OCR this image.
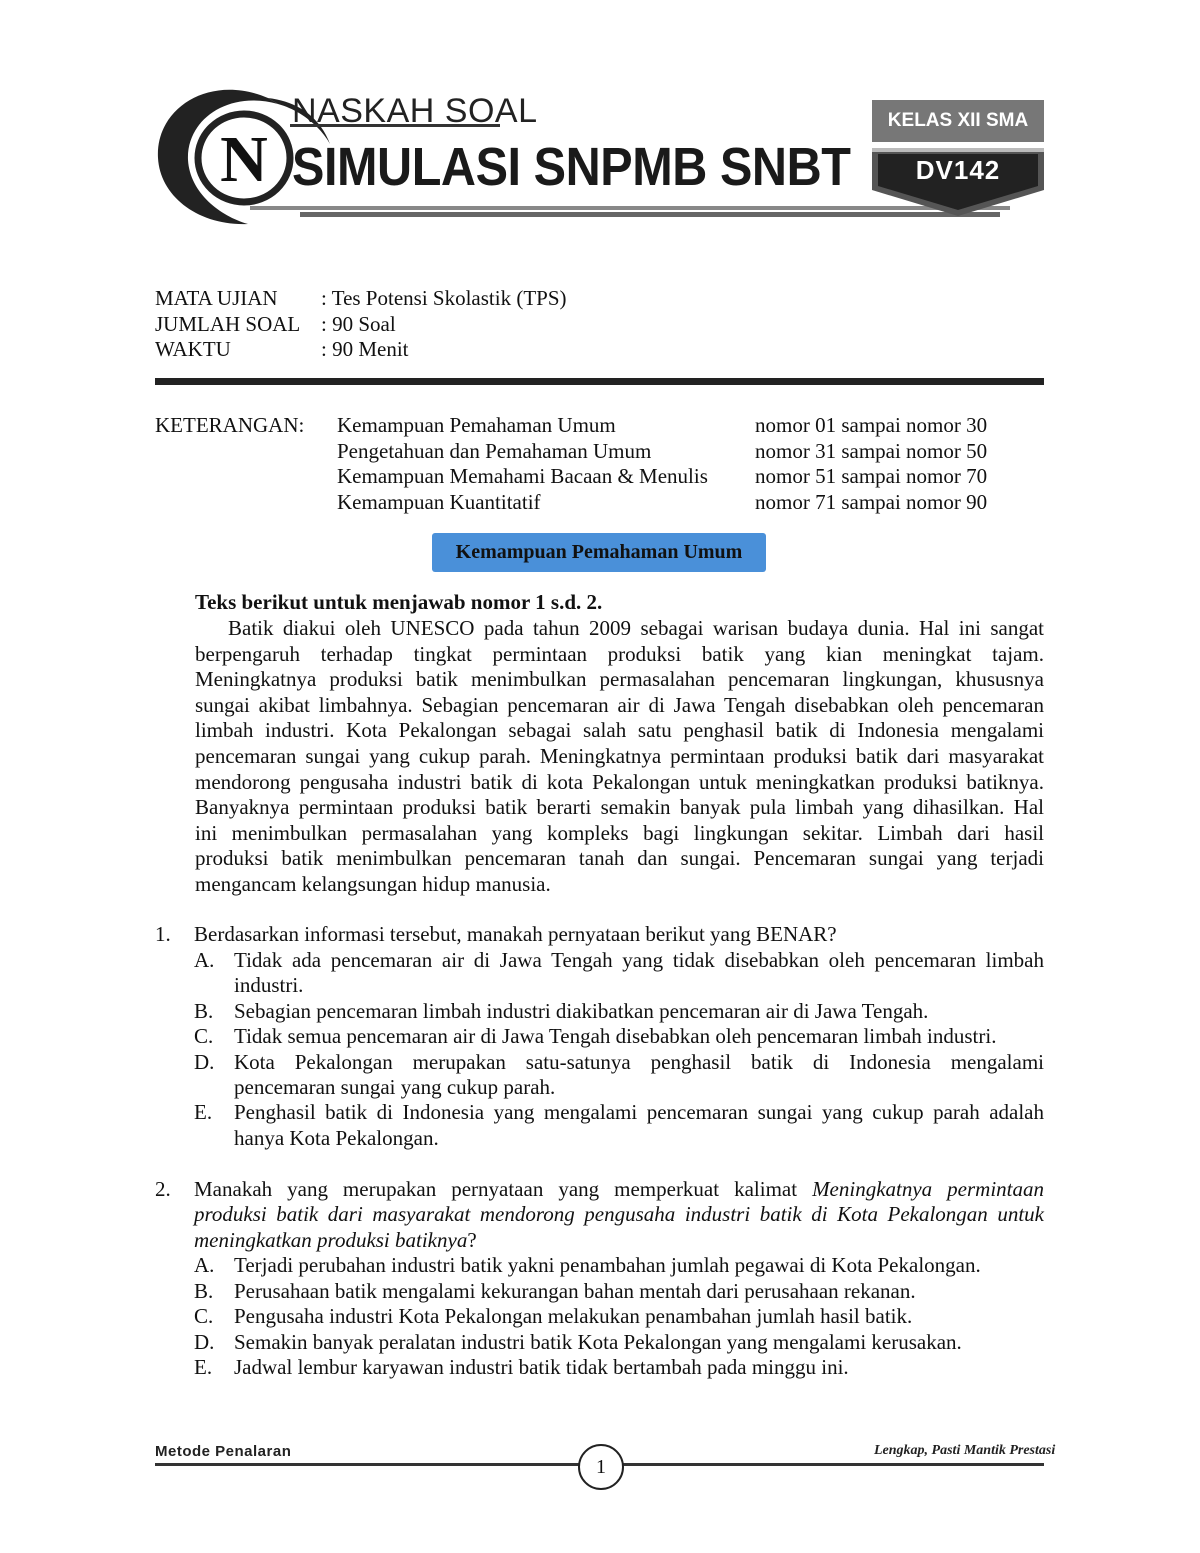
N
NASKAH SOAL
SIMULASI SNPMB SNBT
KELAS XII SMA
DV142
MATA UJIAN : Tes Potensi Skolastik (TPS)
JUMLAH SOAL : 90 Soal
WAKTU	: 90 Menit
KETERANGAN: Kemampuan Pemahaman Umum	nomor 01 sampai nomor 30
Pengetahuan dan Pemahaman Umum	nomor 31 sampai nomor 50
Kemampuan Memahami Bacaan & Menulis nomor 51 sampai nomor 70
Kemampuan Kuantitatif	nomor 71 sampai nomor 90
Kemampuan Pemahaman Umum
Teks berikut untuk menjawab nomor 1 s.d. 2.
Batik diakui oleh UNESCO pada tahun 2009 sebagai warisan budaya dunia. Hal ini sangat
berpengaruh terhadap tingkat permintaan produksi batik yang kian meningkat tajam.
Meningkatnya produksi batik menimbulkan permasalahan pencemaran lingkungan, khususnya
sungai akibat limbahnya. Sebagian pencemaran air di Jawa Tengah disebabkan oleh pencemaran
limbah industri. Kota Pekalongan sebagai salah satu penghasil batik di Indonesia mengalami
pencemaran sungai yang cukup parah. Meningkatnya permintaan produksi batik dari masyarakat
mendorong pengusaha industri batik di kota Pekalongan untuk meningkatkan produksi batiknya.
Banyaknya permintaan produksi batik berarti semakin banyak pula limbah yang dihasilkan. Hal
ini menimbulkan permasalahan yang kompleks bagi lingkungan sekitar. Limbah dari hasil
produksi batik menimbulkan pencemaran tanah dan sungai. Pencemaran sungai yang terjadi
mengancam kelangsungan hidup manusia.
1. Berdasarkan informasi tersebut, manakah pernyataan berikut yang BENAR?
A. Tidak ada pencemaran air di Jawa Tengah yang tidak disebabkan oleh pencemaran limbah
industri.
B. Sebagian pencemaran limbah industri diakibatkan pencemaran air di Jawa Tengah.
C. Tidak semua pencemaran air di Jawa Tengah disebabkan oleh pencemaran limbah industri.
D. Kota Pekalongan merupakan satu-satunya penghasil batik di Indonesia mengalami
pencemaran sungai yang cukup parah.
E. Penghasil batik di Indonesia yang mengalami pencemaran sungai yang cukup parah adalah
hanya Kota Pekalongan.
2. Manakah yang merupakan pernyataan yang memperkuat kalimat Meningkatnya permintaan
produksi batik dari masyarakat mendorong pengusaha industri batik di Kota Pekalongan untuk
meningkatkan produksi batiknya?
A. Terjadi perubahan industri batik yakni penambahan jumlah pegawai di Kota Pekalongan.
B. Perusahaan batik mengalami kekurangan bahan mentah dari perusahaan rekanan.
C. Pengusaha industri Kota Pekalongan melakukan penambahan jumlah hasil batik.
D. Semakin banyak peralatan industri batik Kota Pekalongan yang mengalami kerusakan.
E. Jadwal lembur karyawan industri batik tidak bertambah pada minggu ini.
Metode Penalaran	Lengkap, Pasti Mantik Prestasi
1
